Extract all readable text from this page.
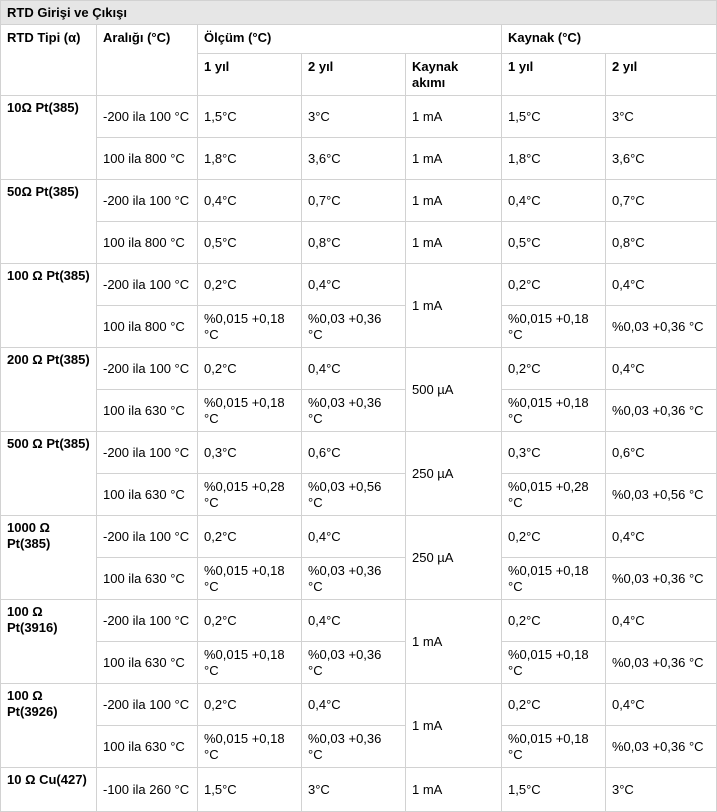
RTD Girişi ve Çıkışı						
RTD Tipi (α)	Aralığı (°C)	Ölçüm (°C)			Kaynak (°C)	
		1 yıl	2 yıl	Kaynak akımı	1 yıl	2 yıl
10Ω Pt(385)	-200 ila 100 °C	1,5°C	3°C	1 mA	1,5°C	3°C
	100 ila 800 °C	1,8°C	3,6°C	1 mA	1,8°C	3,6°C
50Ω Pt(385)	-200 ila 100 °C	0,4°C	0,7°C	1 mA	0,4°C	0,7°C
	100 ila 800 °C	0,5°C	0,8°C	1 mA	0,5°C	0,8°C
100 Ω Pt(385)	-200 ila 100 °C	0,2°C	0,4°C	1 mA	0,2°C	0,4°C
	100 ila 800 °C	%0,015 +0,18 °C	%0,03 +0,36 °C		%0,015 +0,18 °C	%0,03 +0,36 °C
200 Ω Pt(385)	-200 ila 100 °C	0,2°C	0,4°C	500 µA	0,2°C	0,4°C
	100 ila 630 °C	%0,015 +0,18 °C	%0,03 +0,36 °C		%0,015 +0,18 °C	%0,03 +0,36 °C
500 Ω Pt(385)	-200 ila 100 °C	0,3°C	0,6°C	250 µA	0,3°C	0,6°C
	100 ila 630 °C	%0,015 +0,28 °C	%0,03 +0,56 °C		%0,015 +0,28 °C	%0,03 +0,56 °C
1000 Ω Pt(385)	-200 ila 100 °C	0,2°C	0,4°C	250 µA	0,2°C	0,4°C
	100 ila 630 °C	%0,015 +0,18 °C	%0,03 +0,36 °C		%0,015 +0,18 °C	%0,03 +0,36 °C
100 Ω Pt(3916)	-200 ila 100 °C	0,2°C	0,4°C	1 mA	0,2°C	0,4°C
	100 ila 630 °C	%0,015 +0,18 °C	%0,03 +0,36 °C		%0,015 +0,18 °C	%0,03 +0,36 °C
100 Ω Pt(3926)	-200 ila 100 °C	0,2°C	0,4°C	1 mA	0,2°C	0,4°C
	100 ila 630 °C	%0,015 +0,18 °C	%0,03 +0,36 °C		%0,015 +0,18 °C	%0,03 +0,36 °C
10 Ω Cu(427)	-100 ila 260 °C	1,5°C	3°C	1 mA	1,5°C	3°C
